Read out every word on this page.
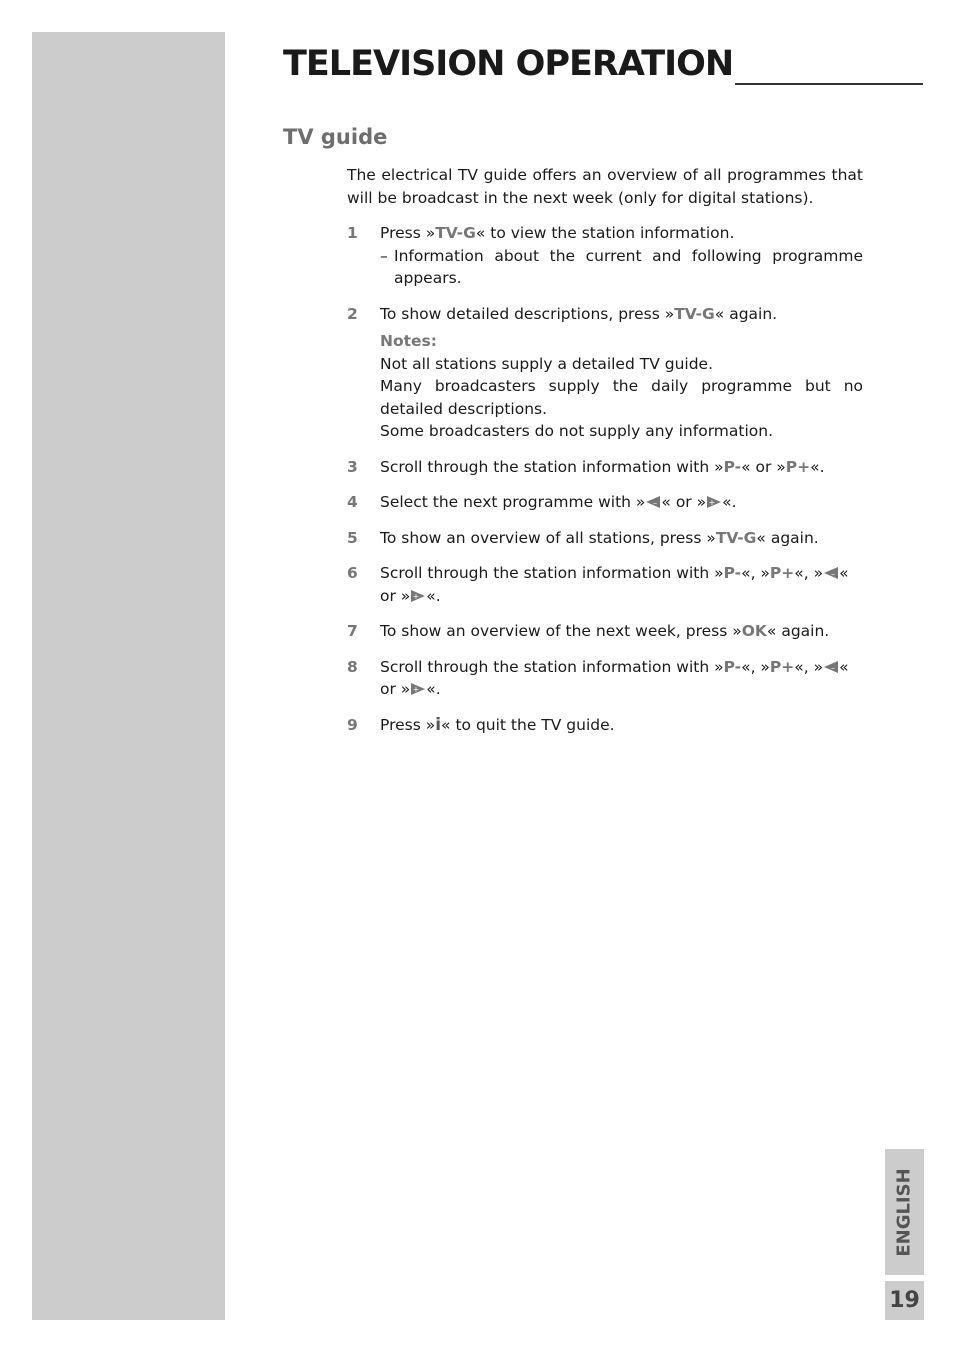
TELEVISION OPERATION
TV guide

The electrical TV guide offers an overview of all programmes that will be broadcast in the next week (only for digital stations).

1 Press »TV-G« to view the station information.
– Information about the current and following programme appears.
2 To show detailed descriptions, press »TV-G« again.
Notes:
Not all stations supply a detailed TV guide.
Many broadcasters supply the daily programme but no detailed descriptions.
Some broadcasters do not supply any information.
3 Scroll through the station information with »P-« or »P+«.
4 Select the next programme with » – « or » + «.
5 To show an overview of all stations, press »TV-G« again.
6 Scroll through the station information with »P-«, »P+«, » – «
or » + «.
7 To show an overview of the next week, press »OK« again.
8 Scroll through the station information with »P-«, »P+«, » – «
or » + «.
9 Press »i« to quit the TV guide.
ENGLISH
19
